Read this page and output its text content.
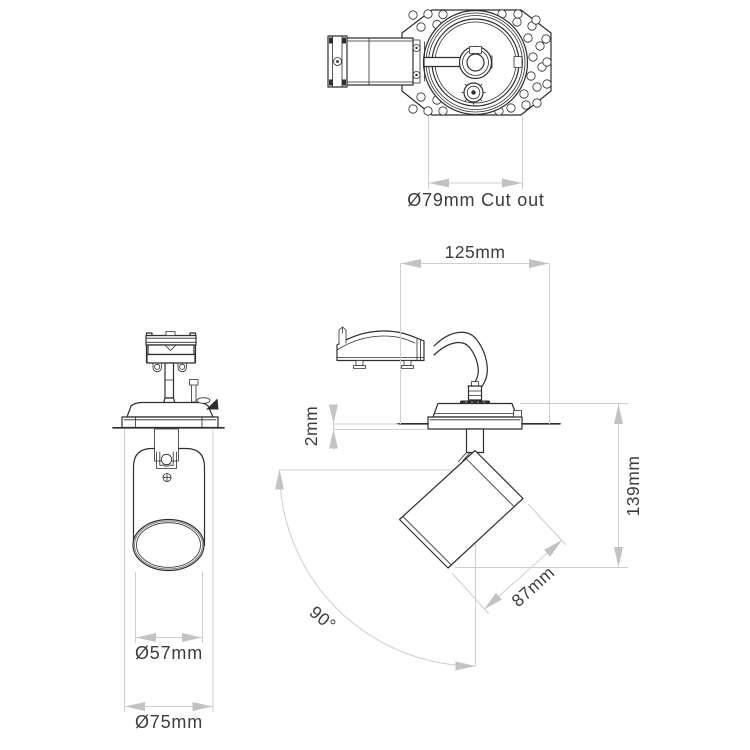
Ø79mm Cut out
125mm
2mm
139mm
87mm
90°
Ø57mm
Ø75mm
